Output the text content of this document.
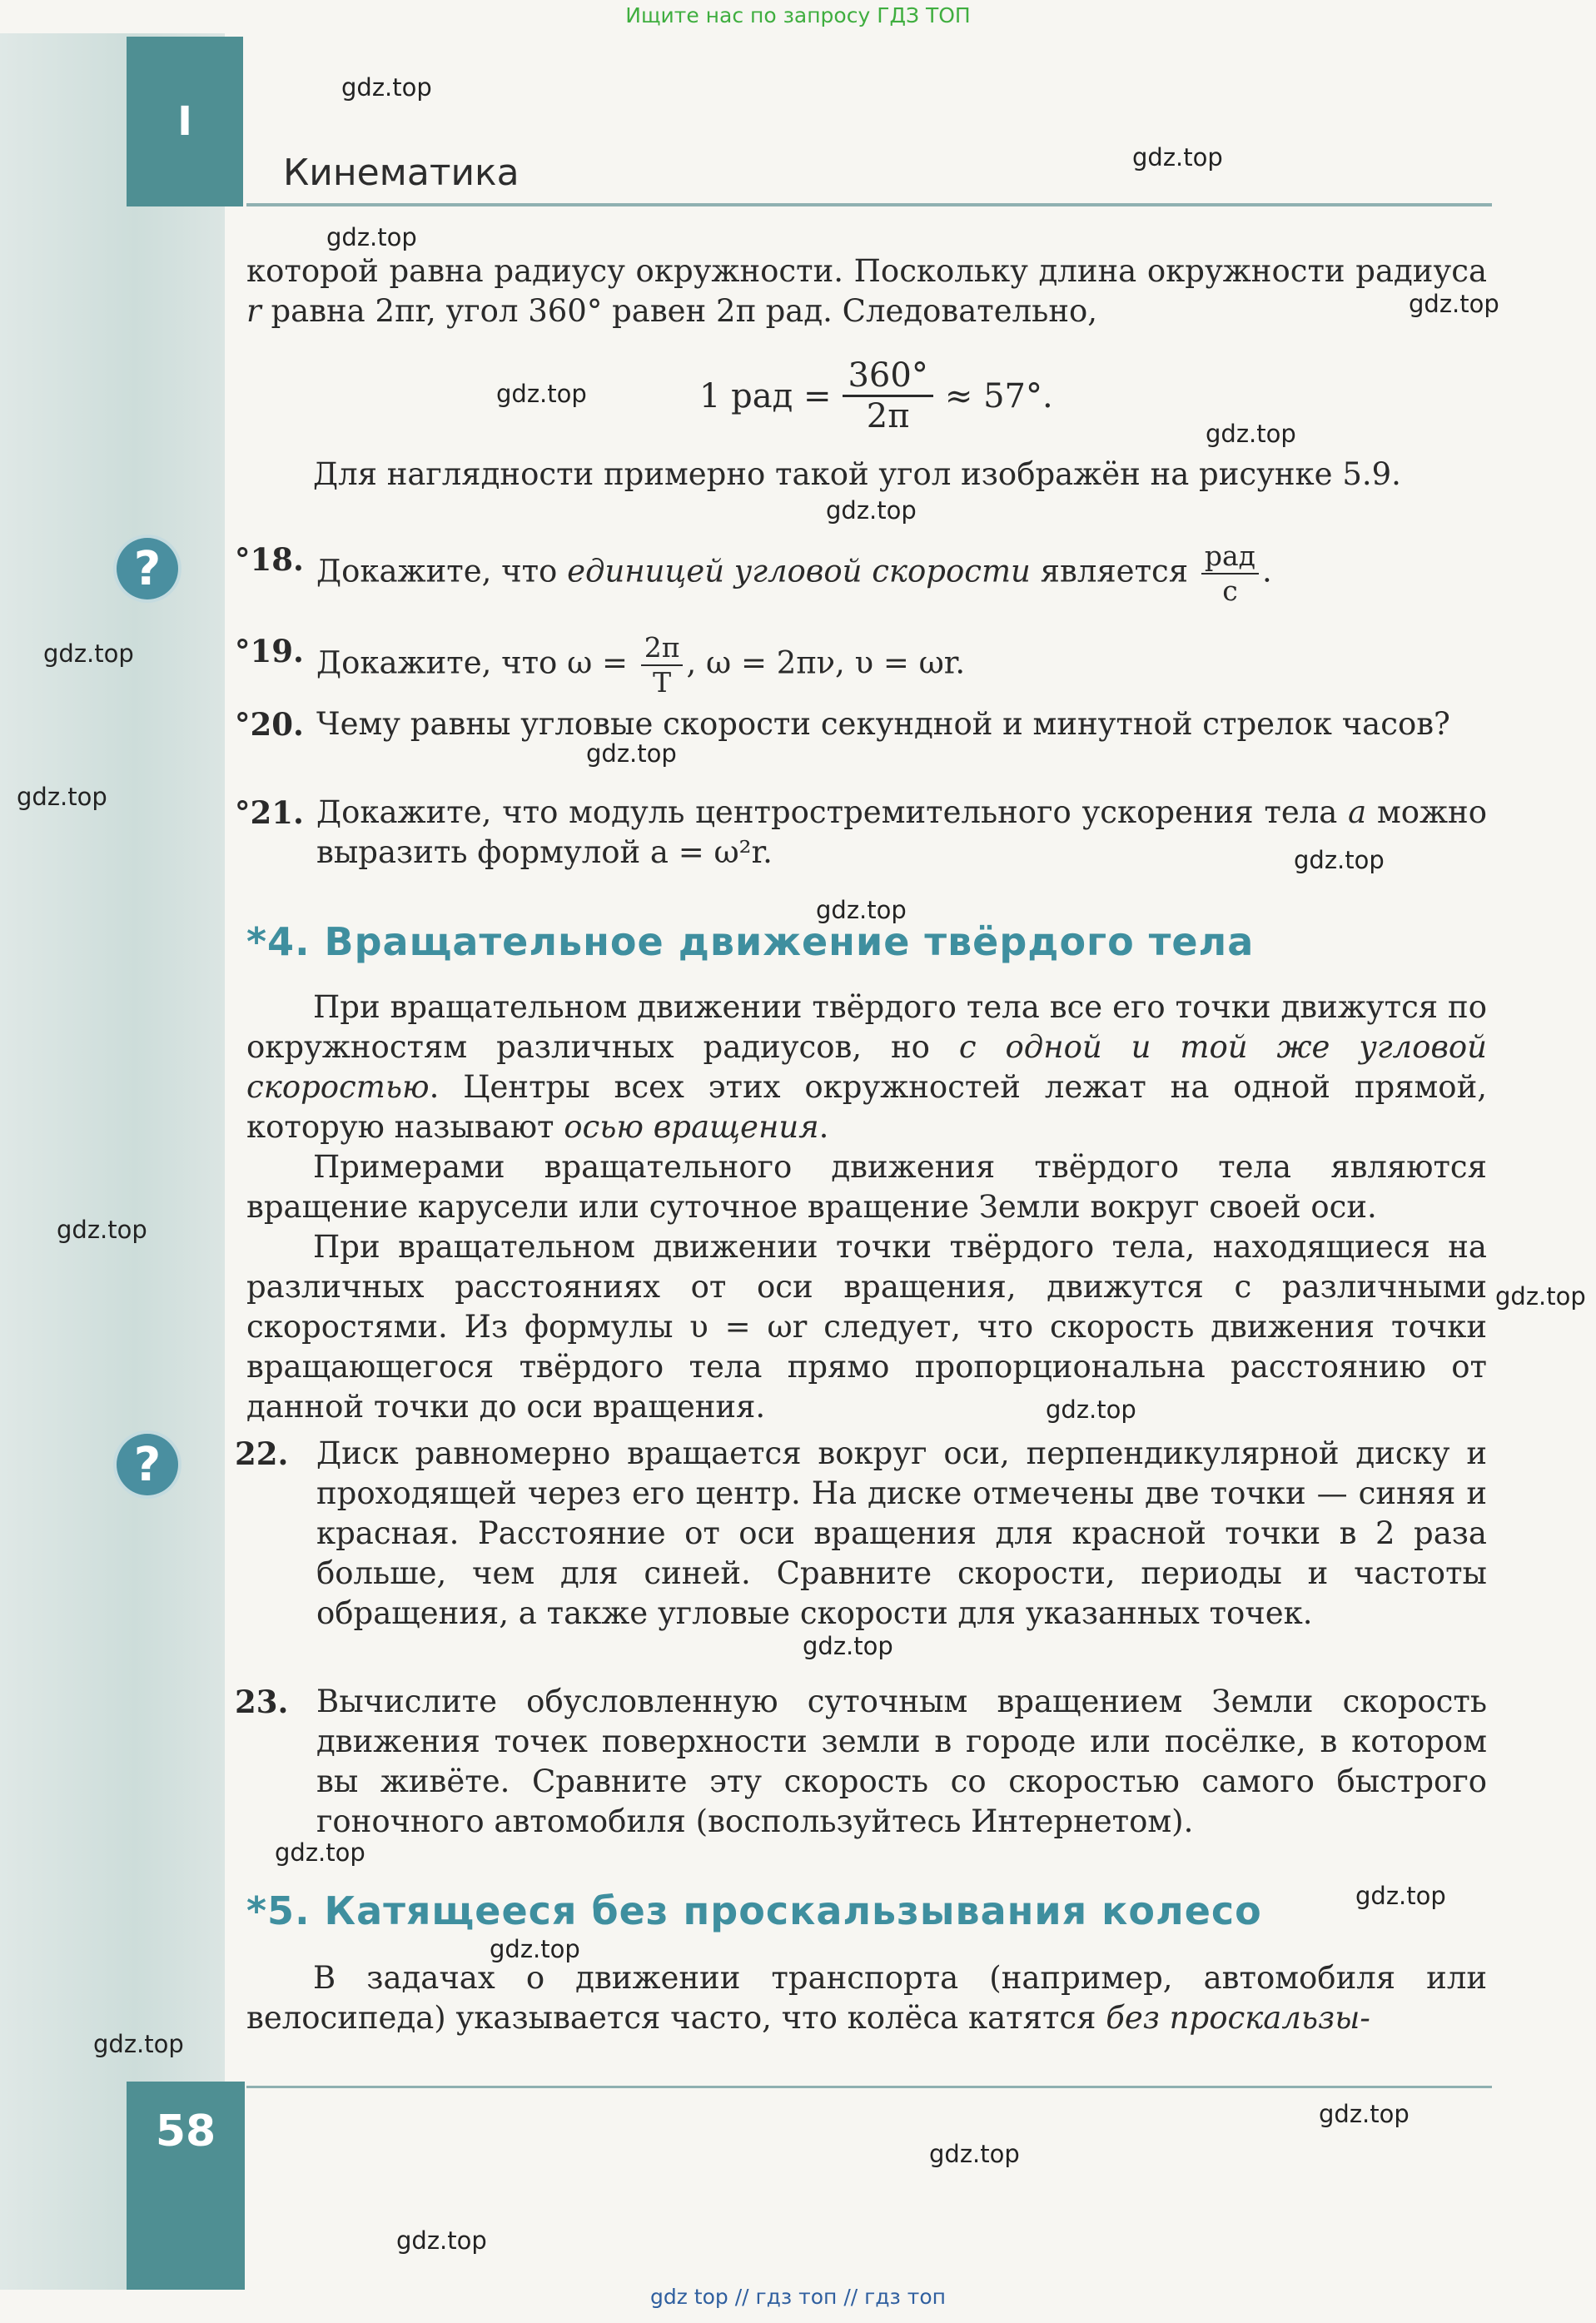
Ищите нас по запросу ГДЗ ТОП
I
Кинематика

которой равна радиусу окружности. Поскольку длина окружности радиуса r равна 2πr, угол 360° равен 2π рад. Следовательно,

1 рад = $\frac{360^\circ}{2\pi} \approx 57^\circ$.

Для наглядности примерно такой угол изображён на рисунке 5.9.

?	°18. Докажите, что единицей угловой скорости является $\frac{\text{рад}}{с}$ .
°19. Докажите, что $\omega = \frac{2\pi}{T}$ , ω = 2πν, υ = ωr.
°20. Чему равны угловые скорости секундной и минутной стрелок часов?
°21. Докажите, что модуль центростремительного ускорения тела a можно выразить формулой a = ω²r.
*4. Вращательное движение твёрдого тела

При вращательном движении твёрдого тела все его точки движутся по окружностям различных радиусов, но с одной и той же угловой скоростью. Центры всех этих окружностей лежат на одной прямой, которую называют осью вращения.

Примерами вращательного движения твёрдого тела являются вращение карусели или суточное вращение Земли вокруг своей оси.

При вращательном движении точки твёрдого тела, находящиеся на различных расстояниях от оси вращения, движутся с различными скоростями. Из формулы υ = ωr следует, что скорость движения точки вращающегося твёрдого тела прямо пропорциональна расстоянию от данной точки до оси вращения.

?	22. Диск равномерно вращается вокруг оси, перпендикулярной диску и проходящей через его центр. На диске отмечены две точки — синяя и красная. Расстояние от оси вращения для красной точки в 2 раза больше, чем для синей. Сравните скорости, периоды и частоты обращения, а также угловые скорости для указанных точек.
23. Вычислите обусловленную суточным вращением Земли скорость движения точек поверхности земли в городе или посёлке, в котором вы живёте. Сравните эту скорость со скоростью самого быстрого гоночного автомобиля (воспользуйтесь Интернетом).
*5. Катящееся без проскальзывания колесо

В задачах о движении транспорта (например, автомобиля или велосипеда) указывается часто, что колёса катятся без проскальзы-

58
gdz.top
gdz.top
gdz.top
gdz.top
gdz.top
gdz.top
gdz.top
gdz.top
gdz.top
gdz.top
gdz.top
gdz.top
gdz.top
gdz.top
gdz.top
gdz.top
gdz.top
gdz.top
gdz.top
gdz.top
gdz.top
gdz.top
gdz.top
gdz top // гдз топ // гдз топ
